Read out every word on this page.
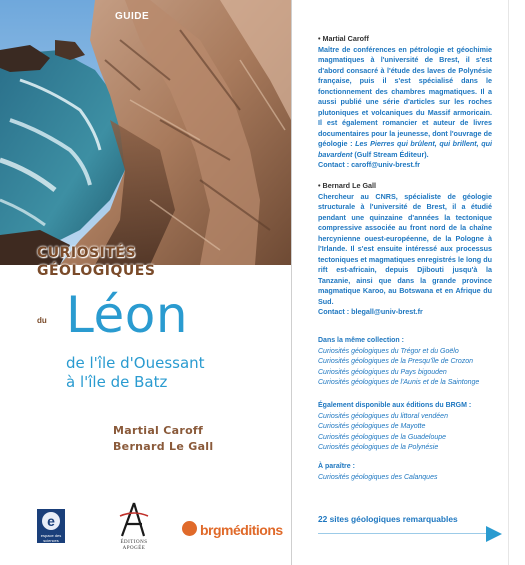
GUIDE
CURIOSITÉS
GÉOLOGIQUES
du Léon
de l'île d'Ouessant
à l'île de Batz
Martial Caroff
Bernard Le Gall
e
espace des sciences	ÉDITIONS APOGÉE
brgméditions
• Martial Caroff
Maître de conférences en pétrologie et géochimie magmatiques à l'université de Brest, il s'est d'abord consacré à l'étude des laves de Polynésie française, puis il s'est spécialisé dans le fonctionnement des chambres magmatiques. Il a aussi publié une série d'articles sur les roches plutoniques et volcaniques du Massif armoricain. Il est également romancier et auteur de livres documentaires pour la jeunesse, dont l'ouvrage de géologie : Les Pierres qui brûlent, qui brillent, qui bavardent (Gulf Stream Éditeur).
Contact : caroff@univ-brest.fr
• Bernard Le Gall
Chercheur au CNRS, spécialiste de géologie structurale à l'université de Brest, il a étudié pendant une quinzaine d'années la tectonique compressive associée au front nord de la chaîne hercynienne ouest-européenne, de la Pologne à l'Irlande. Il s'est ensuite intéressé aux processus tectoniques et magmatiques enregistrés le long du rift est-africain, depuis Djibouti jusqu'à la Tanzanie, ainsi que dans la grande province magmatique Karoo, au Botswana et en Afrique du Sud.
Contact : blegall@univ-brest.fr
Dans la même collection :
Curiosités géologiques du Trégor et du Goëlo
Curiosités géologiques de la Presqu'île de Crozon
Curiosités géologiques du Pays bigouden
Curiosités géologiques de l'Aunis et de la Saintonge
Également disponible aux éditions du BRGM :
Curiosités géologiques du littoral vendéen
Curiosités géologiques de Mayotte
Curiosités géologiques de la Guadeloupe
Curiosités géologiques de la Polynésie
À paraître :
Curiosités géologiques des Calanques
22 sites géologiques remarquables
